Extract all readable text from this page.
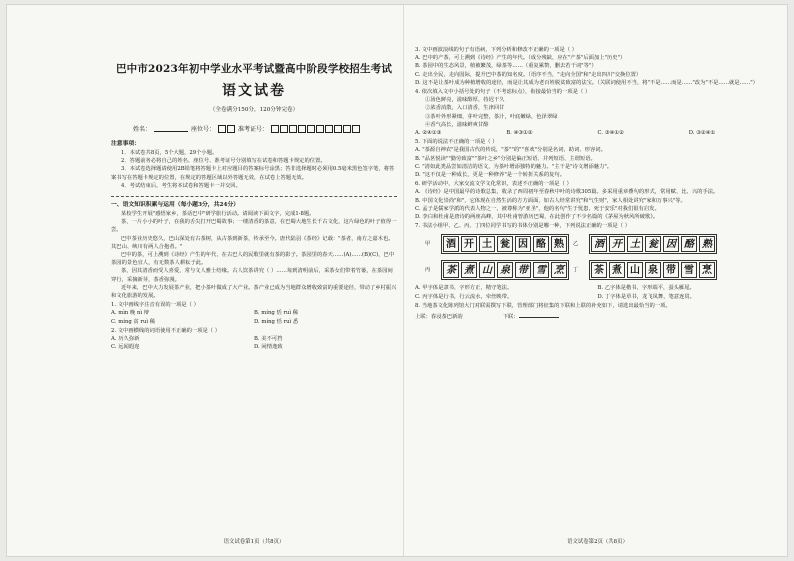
巴中市2023年初中学业水平考试暨高中阶段学校招生考试
语文试卷
（全卷满分150分，120分钟完卷）
姓名：	座位号：	准考证号：
注意事项：
1．本试卷共8页，5个大题，29个小题。
2．答题前务必将自己的姓名、座位号、准考证号分别填写在试卷和答题卡规定的位置。
3．本试卷选择题请使用2B铅笔将答题卡上对应题目的答案标号涂黑；答非选择题时必须用0.5毫米黑色签字笔，将答案书写在答题卡规定的位置，在规定的答题区域以外答题无效，在试卷上答题无效。
4．考试结束后，考生将本试卷和答题卡一并交回。
一、语文知识积累与运用（每小题3分，共24分）
某校学生开展"感悟家乡，茶话巴中"研学旅行活动。请阅读下面文字，完成1-8题。
茶，一片小小的叶子，在我的舌尖打开巴蜀故事；一缕清香的茶意，在巴蜀大地生长千古文化，这片绿色的叶子值得一尝。
巴中茶业历史悠久，巴山深处有古茶树，从古茶到新茶，传承至今。唐代陆羽《茶经》记载："茶者，南方之嘉木也。其巴山、峡川有两人合抱者。"
巴中的茶，可上溯到《诗经》产生的年代，在古巴人的民歌里就有茶的影子。茶园里的春天……(A)……(B)(C)，巴中茶园的景色宜人，有无数茶人耕耘于此。
茶，因其清香而受人喜爱，常与文人雅士结缘。古人饮茶讲究（ ）……每到清明前后，采茶女们带着竹篓，在茶园间穿行，采摘新芽，茶香弥漫。
近年来，巴中大力发展茶产业，把小茶叶做成了大产业。茶产业已成为当地群众增收致富的重要途径，带动了乡村振兴和文化旅游的发展。
1. 文中画线字注音有误的一项是（ ）
A. mìn 晚 nì 辩	B. míng 恬 ruì 稀
C. míng 贫 ruì 稀	D. míng 恬 ruì 悉
2. 文中画横线的词语使用不正确的一项是（ ）
A. 历久弥新	B. 美不可挡
C. 远闻遐迩	D. 闲情逸致
语文试卷第1页（共8页）
3. 文中画波浪线的句子有语病，下列分析和修改不正确的一项是（ ）
A. 巴中的产茶，可上溯到《诗经》产生的年代。（成分残缺，应在"产茶"后面加上"历史"）
B. 茶园中的生态风景，植被繁茂，绿茶等……（重复累赘，删去若干词"等"）
C. 走出全民，走向国际，提升巴中茶的知名度。（语序不当，"走向全国"和"走出四川"交换位置）
D. 这不是让茶叶成为种植增收的途径，而是让其成为老百姓脱贫致富的法宝。（关联词使用不当，将"不是……而是……"改为"不是……就是……"）
4. 依次填入文中小括号处的句子（不考虑标点），衔接最恰当的一项是（ ）
①汤色鲜亮，滋味醇厚，持迟干久
②浓香消散，入口清香，生津回甘
③茶叶外形紧细，芽叶完整，茶汁，叶底嫩绿，色泽翠绿
④香气高长，滋味鲜爽甘醇
A. ②④①③	B. ④③①②	C. ③④①②	D. ③②④①
5. 下面的说法不正确的一项是（ ）
A. "茶源自神农"是我国古代的传说，"茶""的""喜欢"分别是名词、助词、形容词。
B. "品茗悦读""勤劳致富""茶叶之乡"分别是偏正短语、并列短语、主谓短语。
C. "清如此类品尝如清洁的语文，为茶叶增添独特的魅力。"主干是"诗文增添魅力"。
D. "这不仅是一种成长，更是一种修养"是一个转折关系的复句。
6. 研学活动中，大家交流文学文化常识，表述不正确的一项是（ ）
A. 《诗经》是中国最早的诗歌总集，收录了西周初年至春秋中叶的诗歌305篇。多采用重章叠句的形式，常用赋、比、兴的手法。
B. 中国文化崇尚"和"，它体现在自然生活的方方面面，如古人经常讲究"和气生财"，家人相处讲究"家和万事兴"等。
C. 孟子是儒家学派的代表人物之一，被尊称为"亚圣"，他的名句"生于忧患，死于安乐"对我们很有启发。
D. 李白和杜甫是唐诗的两座高峰，其中杜甫曾游历巴蜀，在此创作了不少名篇的《茅屋为秋风所破歌》。
7. 书法小组甲、乙、丙、丁四位同学书写的书体分别是哪一种，下列说法正确的一项是（ ）
甲	酒 开 土 瓮 因 酪 熟	乙	酒 开 土 瓮 因 酪 熟
丙	茶 煮 山 泉 带 雪 烹	丁	茶 煮 山 泉 带 雪 烹
A. 甲字体是隶书，字形方正，精守笔法。	B. 乙字体是楷书，字形端平，蚕头雁尾。
C. 丙字体是行书，行云流水，牵丝映带。	D. 丁字体是草书，龙飞凤舞，笔意连贯。
8. 当地茶文化陈列馆大门对联需撰写下联，管理部门将征集的下联和上联的补充如下，请选出最恰当的一项。
上联：春浸茶巴新韵	下联：
语文试卷第2页（共8页）
